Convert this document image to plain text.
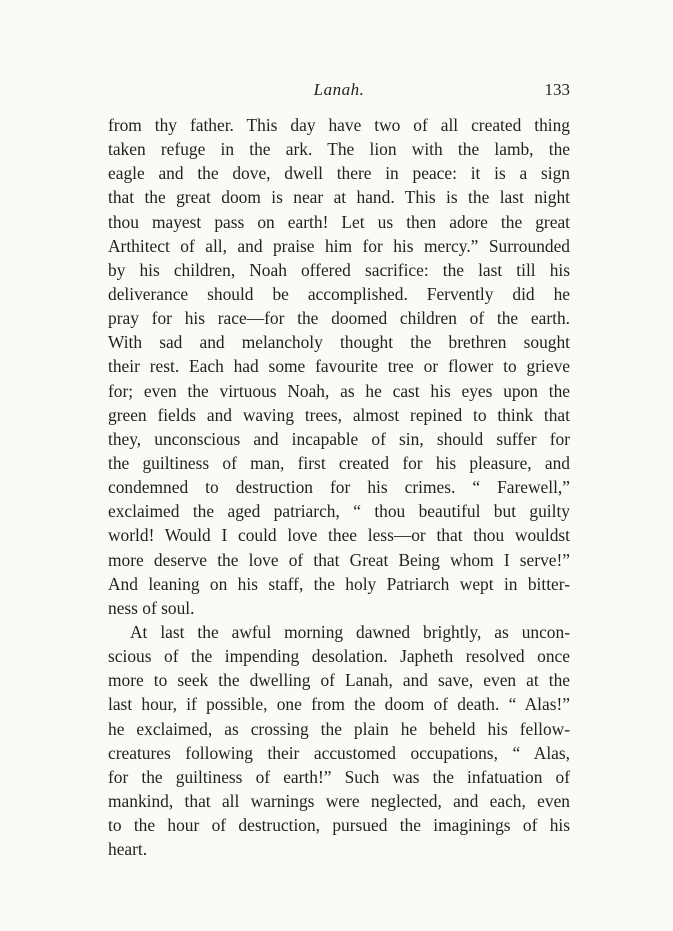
Lanah.	133
from thy father. This day have two of all created thing
taken refuge in the ark. The lion with the lamb, the
eagle and the dove, dwell there in peace: it is a sign
that the great doom is near at hand. This is the last night
thou mayest pass on earth! Let us then adore the great
Arthitect of all, and praise him for his mercy.” Surrounded
by his children, Noah offered sacrifice: the last till his
deliverance should be accomplished. Fervently did he
pray for his race—for the doomed children of the earth.
With sad and melancholy thought the brethren sought
their rest. Each had some favourite tree or flower to grieve
for; even the virtuous Noah, as he cast his eyes upon the
green fields and waving trees, almost repined to think that
they, unconscious and incapable of sin, should suffer for
the guiltiness of man, first created for his pleasure, and
condemned to destruction for his crimes. “ Farewell,”
exclaimed the aged patriarch, “ thou beautiful but guilty
world! Would I could love thee less—or that thou wouldst
more deserve the love of that Great Being whom I serve!”
And leaning on his staff, the holy Patriarch wept in bitter-
ness of soul.
At last the awful morning dawned brightly, as uncon-
scious of the impending desolation. Japheth resolved once
more to seek the dwelling of Lanah, and save, even at the
last hour, if possible, one from the doom of death. “ Alas!”
he exclaimed, as crossing the plain he beheld his fellow-
creatures following their accustomed occupations, “ Alas,
for the guiltiness of earth!” Such was the infatuation of
mankind, that all warnings were neglected, and each, even
to the hour of destruction, pursued the imaginings of his
heart.
